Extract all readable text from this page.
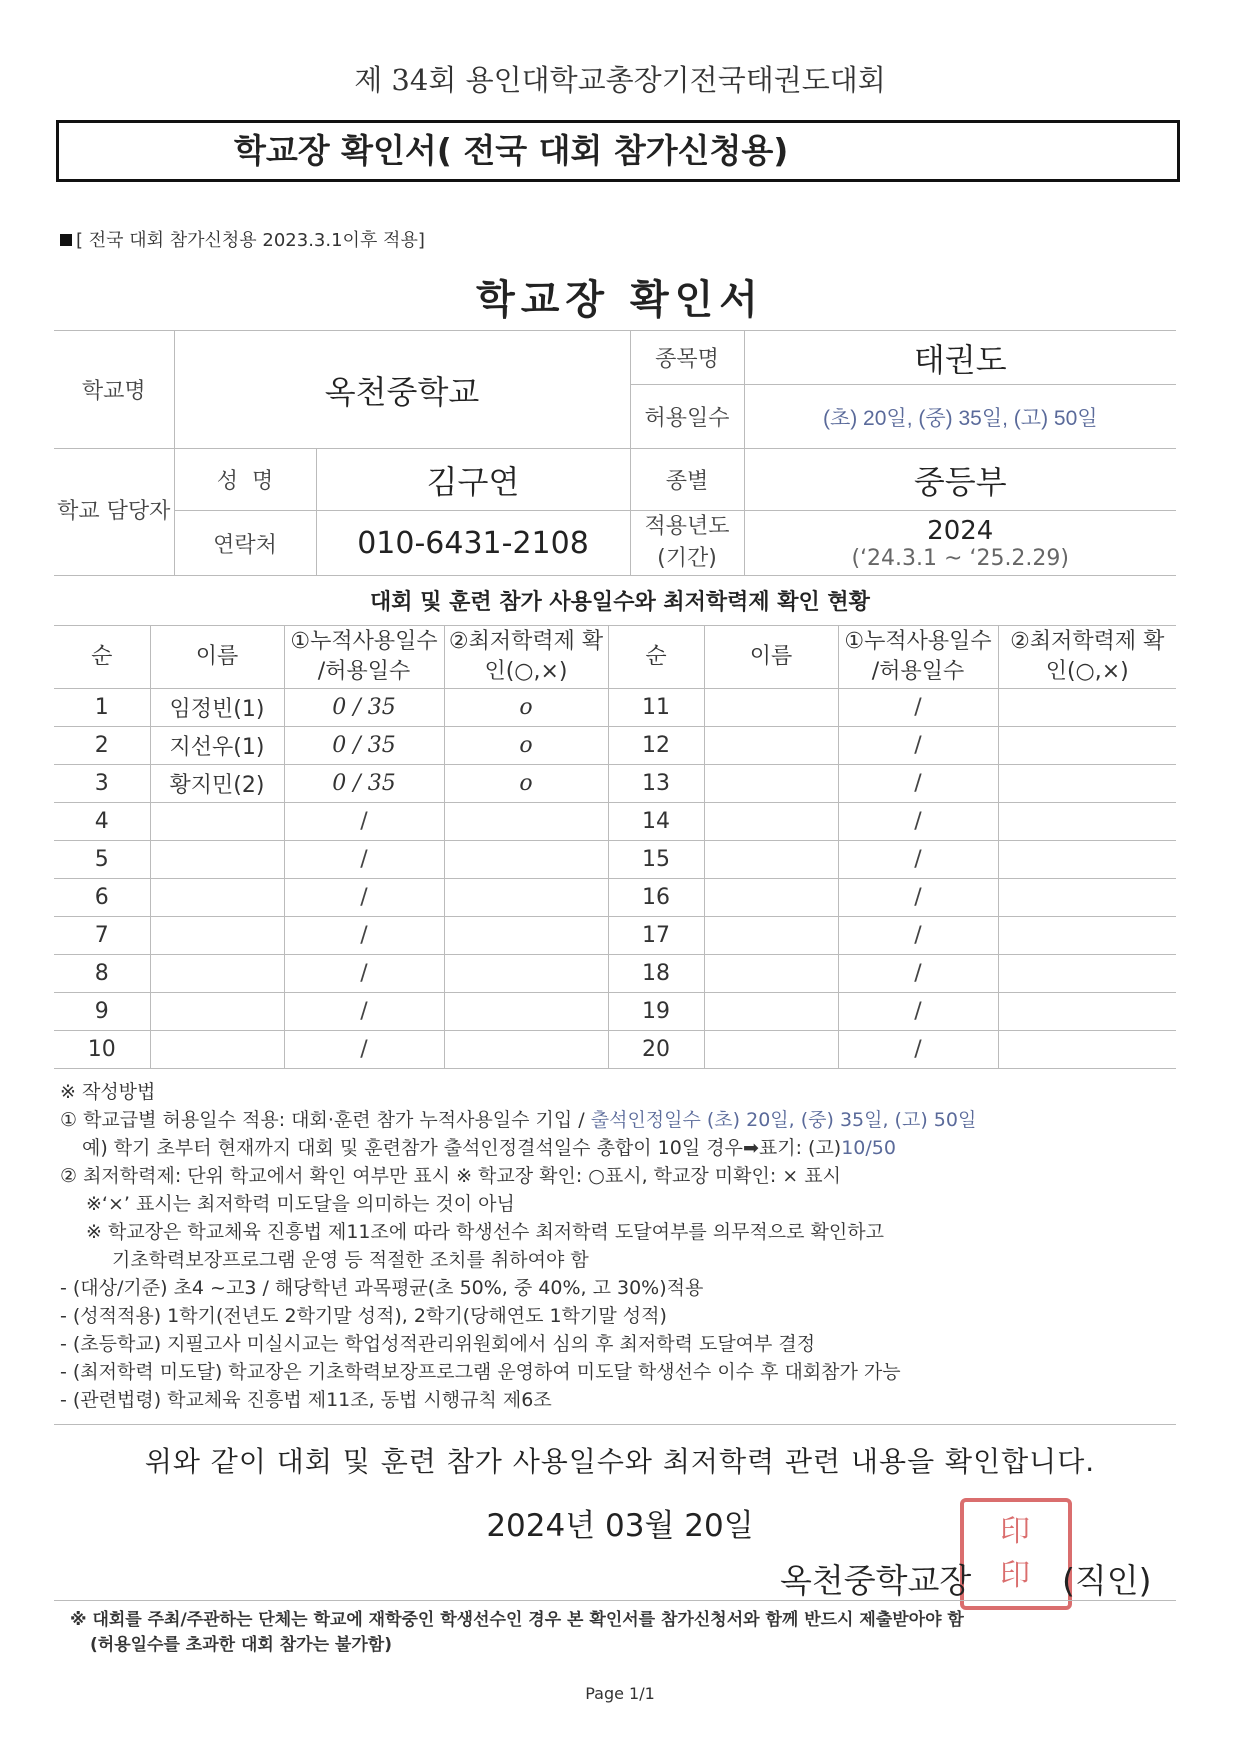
제 34회 용인대학교총장기전국태권도대회
학교장 확인서( 전국 대회 참가신청용)
[ 전국 대회 참가신청용 2023.3.1이후 적용]
학교장 확인서
학교명	옥천중학교		종목명	태권도
			허용일수	(초) 20일, (중) 35일, (고) 50일
학교 담당자	성  명	김구연	종별	중등부
	연락처	010-6431-2108	적용년도 (기간)	2024
(‘24.3.1 ~ ‘25.2.29)
대회 및 훈련 참가 사용일수와 최저학력제 확인 현황
순	이름	①누적사용일수 /허용일수	②최저학력제 확인(○,×)	순	이름	①누적사용일수 /허용일수	②최저학력제 확인(○,×)
1	임정빈(1)	0 / 35	o	11		/	
2	지선우(1)	0 / 35	o	12		/	
3	황지민(2)	0 / 35	o	13		/	
4		/		14		/	
5		/		15		/	
6		/		16		/	
7		/		17		/	
8		/		18		/	
9		/		19		/	
10		/		20		/	
※ 작성방법
① 학교급별 허용일수 적용: 대회·훈련 참가 누적사용일수 기입 / 출석인정일수 (초) 20일, (중) 35일, (고) 50일
예) 학기 초부터 현재까지 대회 및 훈련참가 출석인정결석일수 총합이 10일 경우➡표기: (고)10/50
② 최저학력제: 단위 학교에서 확인 여부만 표시 ※ 학교장 확인: ○표시, 학교장 미확인: × 표시
※‘×’ 표시는 최저학력 미도달을 의미하는 것이 아님
※ 학교장은 학교체육 진흥법 제11조에 따라 학생선수 최저학력 도달여부를 의무적으로 확인하고
기초학력보장프로그램 운영 등 적절한 조치를 취하여야 함
- (대상/기준) 초4 ~고3 / 해당학년 과목평균(초 50%, 중 40%, 고 30%)적용
- (성적적용) 1학기(전년도 2학기말 성적), 2학기(당해연도 1학기말 성적)
- (초등학교) 지필고사 미실시교는 학업성적관리위원회에서 심의 후 최저학력 도달여부 결정
- (최저학력 미도달) 학교장은 기초학력보장프로그램 운영하여 미도달 학생선수 이수 후 대회참가 가능
- (관련법령) 학교체육 진흥법 제11조, 동법 시행규칙 제6조
위와 같이 대회 및 훈련 참가 사용일수와 최저학력 관련 내용을 확인합니다.
2024년 03월 20일	印
印
옥천중학교장	(직인)
※ 대회를 주최/주관하는 단체는 학교에 재학중인 학생선수인 경우 본 확인서를 참가신청서와 함께 반드시 제출받아야 함
(허용일수를 초과한 대회 참가는 불가함)
Page 1/1
